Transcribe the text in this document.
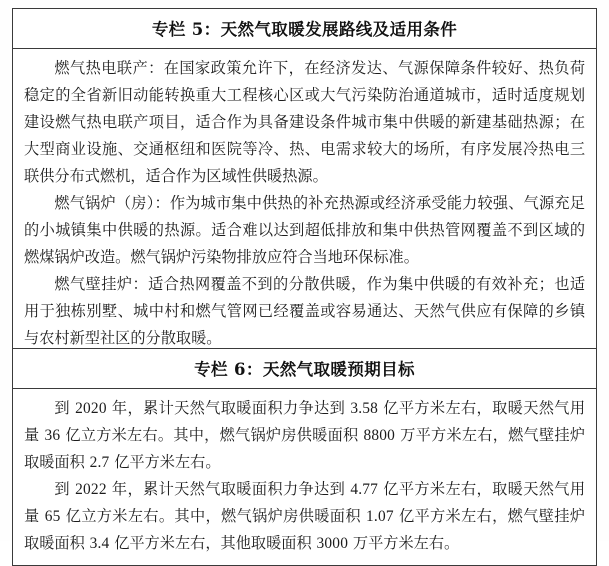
专栏 5：天然气取暖发展路线及适用条件

燃气热电联产：在国家政策允许下，在经济发达、气源保障条件较好、热负荷稳定的全省新旧动能转换重大工程核心区或大气污染防治通道城市，适时适度规划建设燃气热电联产项目，适合作为具备建设条件城市集中供暖的新建基础热源；在大型商业设施、交通枢纽和医院等冷、热、电需求较大的场所，有序发展冷热电三联供分布式燃机，适合作为区域性供暖热源。

燃气锅炉（房）：作为城市集中供热的补充热源或经济承受能力较强、气源充足的小城镇集中供暖的热源。适合难以达到超低排放和集中供热管网覆盖不到区域的燃煤锅炉改造。燃气锅炉污染物排放应符合当地环保标准。

燃气壁挂炉：适合热网覆盖不到的分散供暖，作为集中供暖的有效补充；也适用于独栋别墅、城中村和燃气管网已经覆盖或容易通达、天然气供应有保障的乡镇与农村新型社区的分散取暖。

专栏 6：天然气取暖预期目标

到 2020 年，累计天然气取暖面积力争达到 3.58 亿平方米左右，取暖天然气用量 36 亿立方米左右。其中，燃气锅炉房供暖面积 8800 万平方米左右，燃气壁挂炉取暖面积 2.7 亿平方米左右。

到 2022 年，累计天然气取暖面积力争达到 4.77 亿平方米左右，取暖天然气用量 65 亿立方米左右。其中，燃气锅炉房供暖面积 1.07 亿平方米左右，燃气壁挂炉取暖面积 3.4 亿平方米左右，其他取暖面积 3000 万平方米左右。
